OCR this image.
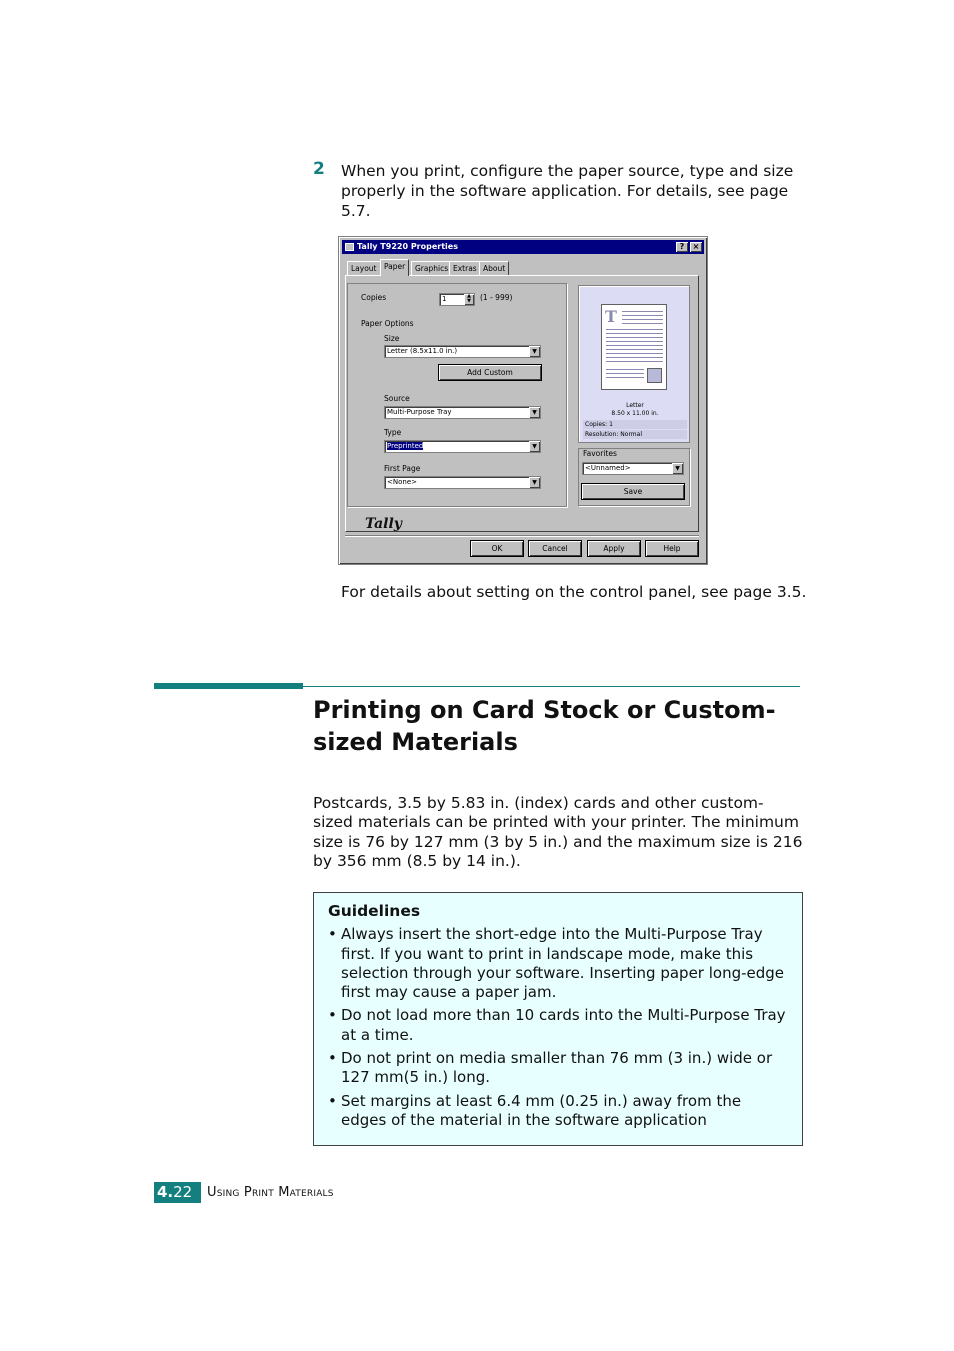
2 When you print, configure the paper source, type and size properly in the software application. For details, see page 5.7.

Tally T9220 Properties	?	×
Layout	Paper	Graphics Extras About
Copies	1	▲
▼	(1 - 999)
Paper Options
Size
Letter (8.5x11.0 in.)	▼
Add Custom
Source
Multi-Purpose Tray	▼
Type
Preprinted	▼
First Page
<None>	▼
T
Letter
8.50 x 11.00 in.
Copies: 1
Resolution: Normal
Favorites
<Unnamed>	▼
Save
Tally
OK	Cancel	Apply	Help

For details about setting on the control panel, see page 3.5.

Printing on Card Stock or Custom-sized Materials

Postcards, 3.5 by 5.83 in. (index) cards and other custom-sized materials can be printed with your printer. The minimum size is 76 by 127 mm (3 by 5 in.) and the maximum size is 216 by 356 mm (8.5 by 14 in.).

Guidelines
• Always insert the short-edge into the Multi-Purpose Tray first. If you want to print in landscape mode, make this selection through your software. Inserting paper long-edge first may cause a paper jam.
• Do not load more than 10 cards into the Multi-Purpose Tray at a time.
• Do not print on media smaller than 76 mm (3 in.) wide or 127 mm(5 in.) long.
• Set margins at least 6.4 mm (0.25 in.) away from the edges of the material in the software application
4.22	Using Print Materials
